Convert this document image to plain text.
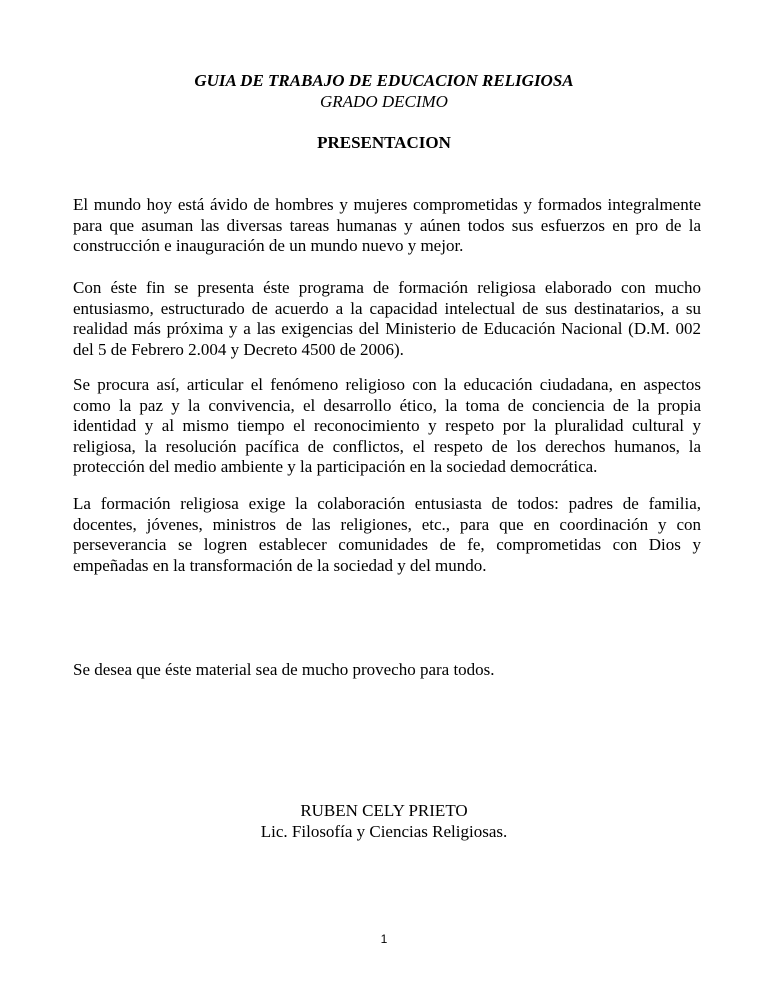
GUIA DE TRABAJO DE EDUCACION RELIGIOSA
GRADO DECIMO
PRESENTACION

El mundo hoy está ávido de hombres y mujeres comprometidas y formados integralmente para que asuman las diversas tareas humanas y aúnen todos sus esfuerzos en pro de la construcción e inauguración de un mundo nuevo y mejor.

Con éste fin se presenta éste programa de formación religiosa elaborado con mucho entusiasmo, estructurado de acuerdo a la capacidad intelectual de sus destinatarios, a su realidad más próxima y a las exigencias del Ministerio de Educación Nacional (D.M. 002 del 5 de Febrero 2.004 y Decreto 4500 de 2006).

Se procura así, articular el fenómeno religioso con la educación ciudadana, en aspectos como la paz y la convivencia, el desarrollo ético, la toma de conciencia de la propia identidad y al mismo tiempo el reconocimiento y respeto por la pluralidad cultural y religiosa, la resolución pacífica de conflictos, el respeto de los derechos humanos, la protección del medio ambiente y la participación en la sociedad democrática.

La formación religiosa exige la colaboración entusiasta de todos: padres de familia, docentes, jóvenes, ministros de las religiones, etc., para que en coordinación y con perseverancia se logren establecer comunidades de fe, comprometidas con Dios y empeñadas en la transformación de la sociedad y del mundo.

Se desea que éste material sea de mucho provecho para todos.

RUBEN CELY PRIETO
Lic. Filosofía y Ciencias Religiosas.
1
